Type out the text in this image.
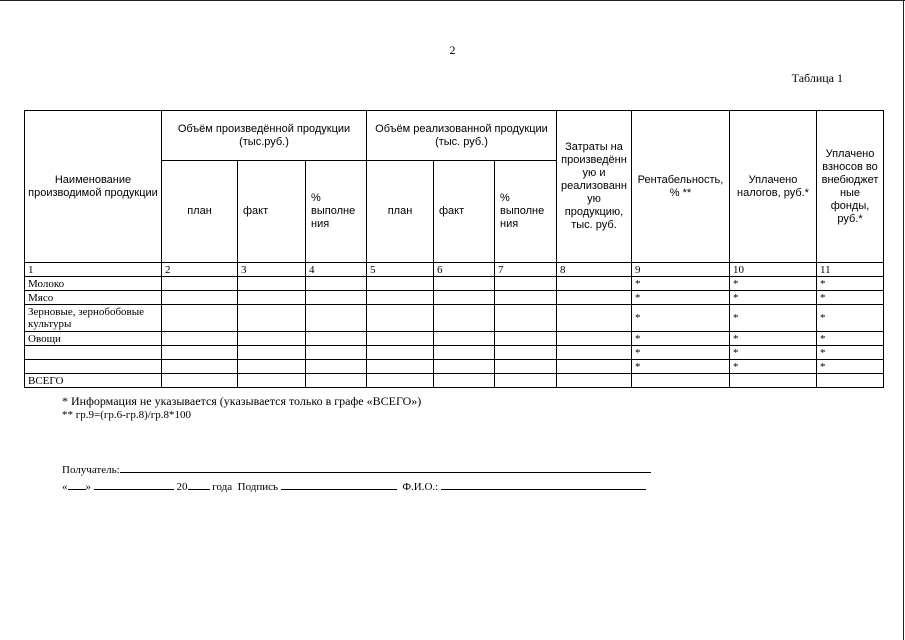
2
Таблица 1
Наименование производимой продукции	Объём произведённой продукции (тыс.руб.)			Объём реализованной продукции (тыс. руб.)			Затраты на произведённ ую и реализованн ую продукцию, тыс. руб.	Рентабельность, % **	Уплачено налогов, руб.*	Уплачено взносов во внебюджет ные фонды, руб.*
	план	факт	% выполне ния	план	факт	% выполне ния				
1	2	3	4	5	6	7	8	9	10	11
Молоко								*	*	*
Мясо								*	*	*
Зерновые, зернобобовые культуры								*	*	*
Овощи								*	*	*
								*	*	*
								*	*	*
ВСЕГО										
* Информация не указывается (указывается только в графе «ВСЕГО»)
** гр.9=(гр.6-гр.8)/гр.8*100
Получатель:
« »	20 года Подпись	Ф.И.О.:
